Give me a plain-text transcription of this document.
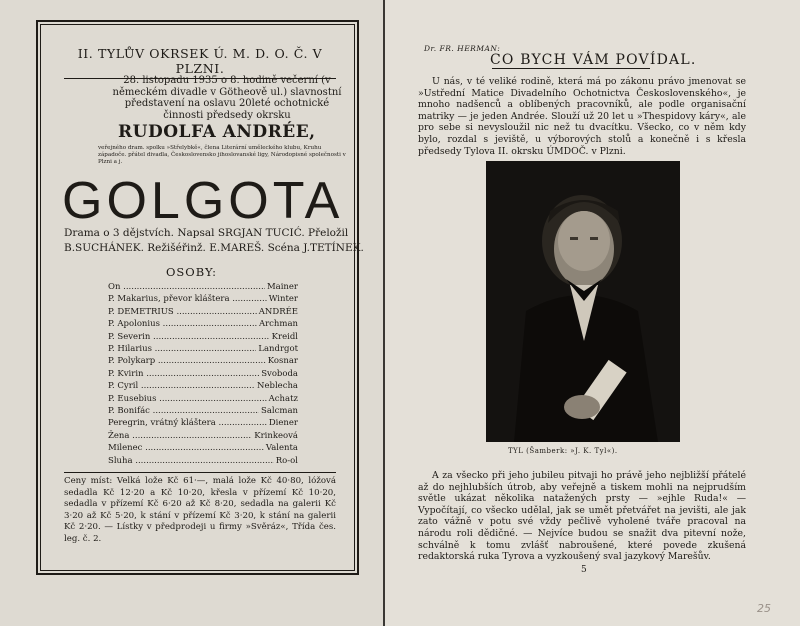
II. TYLŮV OKRSEK Ú. M. D. O. Č. V PLZNI.
28. listopadu 1935 o 8. hodině večerní (v německém divadle v Götheově ul.) slavnostní představení na oslavu 20leté ochotnické činnosti předsedy okrsku
RUDOLFA ANDRÉE,
veřejného dram. spolku »Střelybkě«, člena Literární uměleckého klubu, Kruhu západoče. přátel divadla, Československo jihoslovanské ligy, Národopisné společnosti v Plzni a j.
GOLGOTA
Drama o 3 dějstvích. Napsal SRGJAN TUCIĆ. Přeložil
B.SUCHÁNEK. Režišéřinž. E.MAREŠ. Scéna J.TETÍNEK.
OSOBY:
On .....	Mainer
P. Makarius, převor kláštera .....	Winter
P. DEMETRIUS .....	ANDRÉE
P. Apolonius .....	Archman
P. Severin .....	Kreidl
P. Hilarius .....	Landrgot
P. Polykarp .....	Kosnar
P. Kvirin .....	Svoboda
P. Cyril .....	Neblecha
P. Eusebius .....	Achatz
P. Bonifác .....	Salcman
Peregrin, vrátný kláštera .....	Diener
Žena .....	Krinkeová
Milenec .....	Valenta
Sluha .....	Ro-ol
Ceny míst: Velká lože Kč 61·—, malá lože Kč 40·80, lóžová sedadla Kč 12·20 a Kč 10·20, křesla v přízemí Kč 10·20, sedadla v přízemí Kč 6·20 až Kč 8·20, sedadla na galerii Kč 3·20 až Kč 5·20, k stání v přízemí Kč 3·20, k stání na galerii Kč 2·20. — Lístky v předprodeji u firmy »Svěráz«, Třída čes. leg. č. 2.
Dr. FR. HERMAN:
CO BYCH VÁM POVÍDAL.
U nás, v té veliké rodině, která má po zákonu právo jmenovat se »Ustřední Matice Divadelního Ochotnictva Československého«, je mnoho nadšenců a oblíbených pracovníků, ale podle organisační matriky — je jeden Andrée. Slouží už 20 let u »Thespidovy káry«, ale pro sebe si nevysloužil nic než tu dvacítku. Všecko, co v něm kdy bylo, rozdal s jeviště, u výborových stolů a konečně i s křesla předsedy Tylova II. okrsku ÚMDOČ. v Plzni.
TYL (Šamberk: »J. K. Tyl«).
A za všecko při jeho jubileu pitvaji ho právě jeho nejbližší přátelé až do nejhlubších útrob, aby veřejně a tiskem mohli na nejprudším světle ukázat několika natažených prsty — »ejhle Ruda!« — Vypočítají, co všecko udělal, jak se umět přetvářet na jevišti, ale jak zato vážně v potu své vždy pečlivě vyholené tváře pracoval na národu roli dědičné. — Nejvíce budou se snažit dva pitevní nože, schválně k tomu zvlášť nabroušené, které povede zkušená redaktorská ruka Tyrova a vyzkoušený sval jazykový Marešův.
5
25
